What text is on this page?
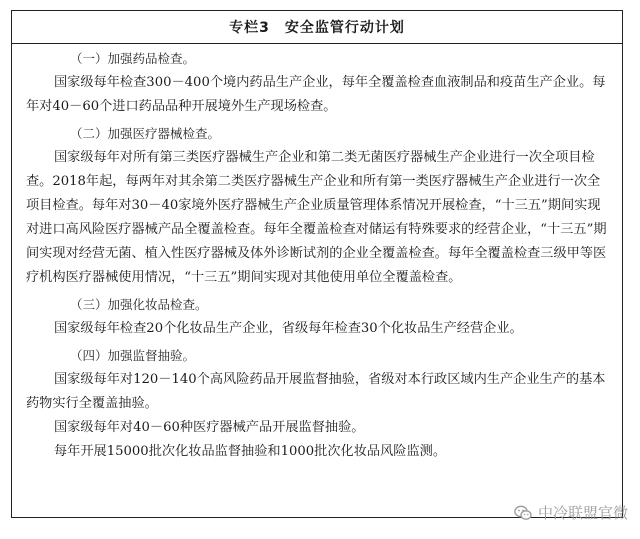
专栏3　安全监管行动计划
（一）加强药品检查。

国家级每年检查300－400个境内药品生产企业，每年全覆盖检查血液制品和疫苗生产企业。每年对40－60个进口药品品种开展境外生产现场检查。

（二）加强医疗器械检查。

国家级每年对所有第三类医疗器械生产企业和第二类无菌医疗器械生产企业进行一次全项目检查。2018年起，每两年对其余第二类医疗器械生产企业和所有第一类医疗器械生产企业进行一次全项目检查。每年对30－40家境外医疗器械生产企业质量管理体系情况开展检查，“十三五”期间实现对进口高风险医疗器械产品全覆盖检查。每年全覆盖检查对储运有特殊要求的经营企业，“十三五”期间实现对经营无菌、植入性医疗器械及体外诊断试剂的企业全覆盖检查。每年全覆盖检查三级甲等医疗机构医疗器械使用情况，“十三五”期间实现对其他使用单位全覆盖检查。

（三）加强化妆品检查。

国家级每年检查20个化妆品生产企业，省级每年检查30个化妆品生产经营企业。

（四）加强监督抽验。

国家级每年对120－140个高风险药品开展监督抽验，省级对本行政区域内生产企业生产的基本药物实行全覆盖抽验。

国家级每年对40－60种医疗器械产品开展监督抽验。

每年开展15000批次化妆品监督抽验和1000批次化妆品风险监测。

中冷联盟官微
